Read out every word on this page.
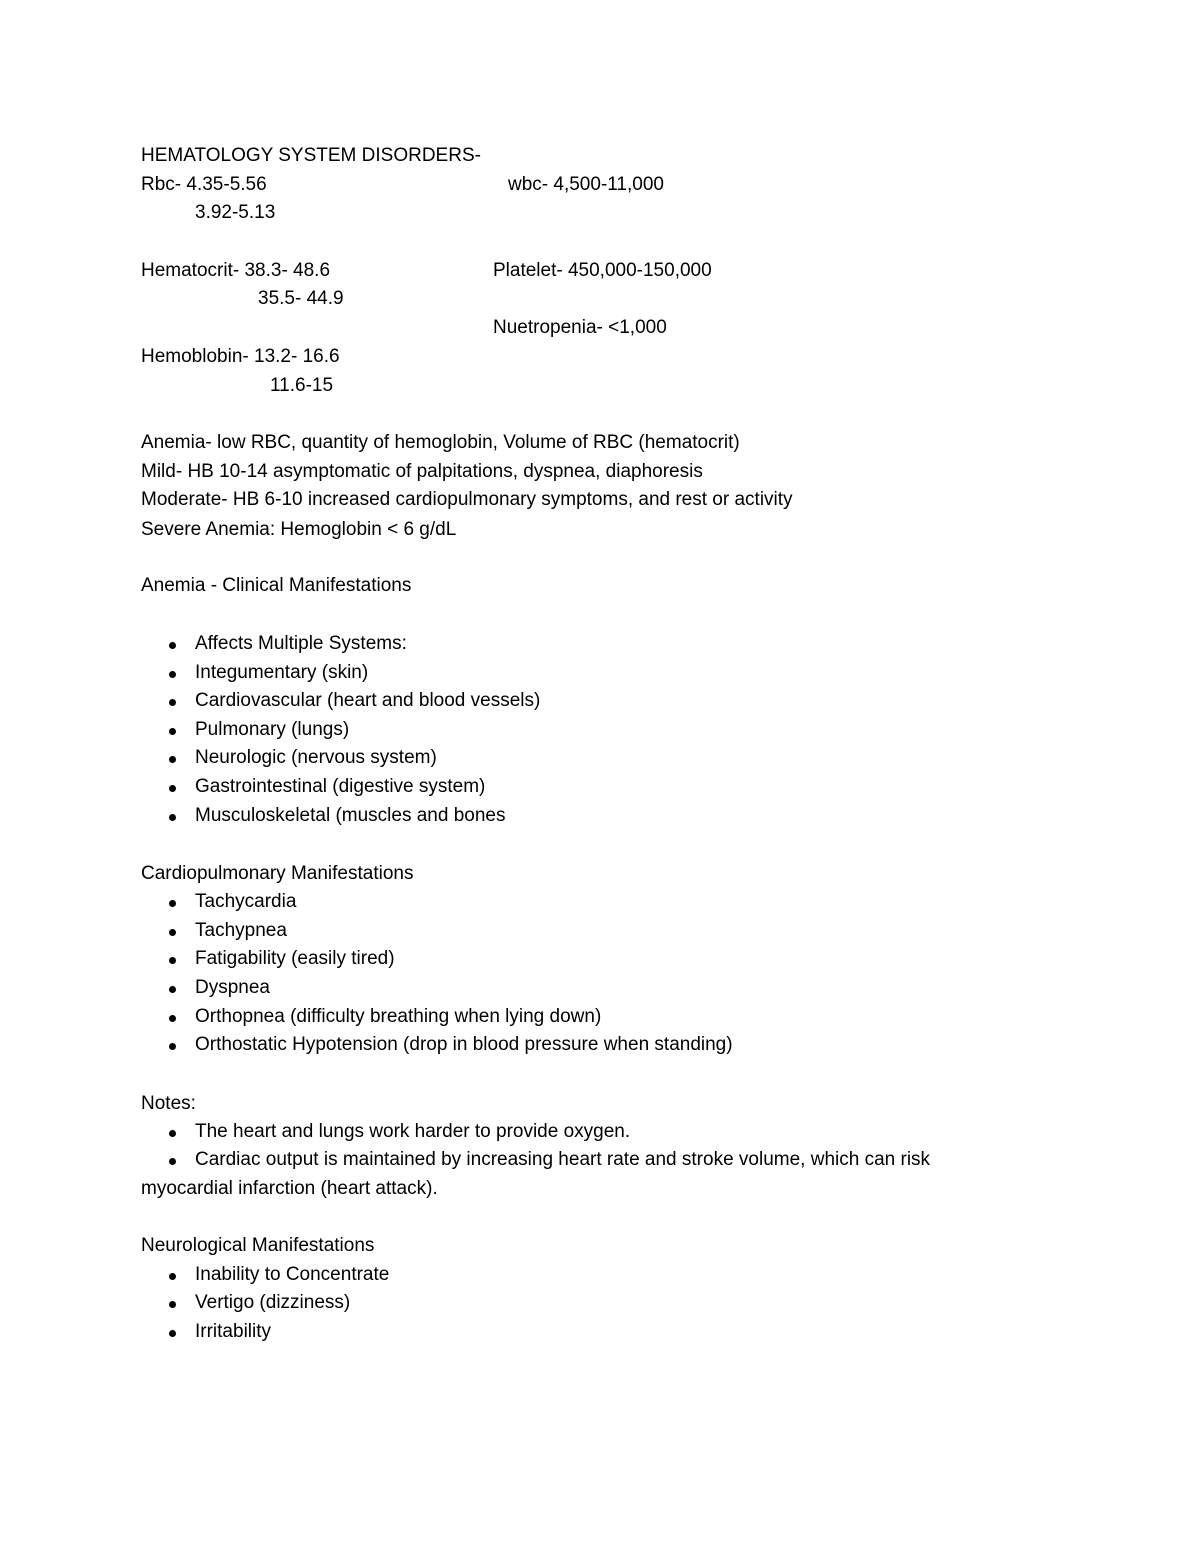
HEMATOLOGY SYSTEM DISORDERS-
Rbc- 4.35-5.56	wbc- 4,500-11,000
3.92-5.13
Hematocrit- 38.3- 48.6	Platelet- 450,000-150,000
35.5- 44.9
Nuetropenia- <1,000
Hemoblobin- 13.2- 16.6
11.6-15
Anemia- low RBC, quantity of hemoglobin, Volume of RBC (hematocrit)
Mild- HB 10-14 asymptomatic of palpitations, dyspnea, diaphoresis
Moderate- HB 6-10 increased cardiopulmonary symptoms, and rest or activity
Severe Anemia: Hemoglobin < 6 g/dL
Anemia - Clinical Manifestations
Affects Multiple Systems:
Integumentary (skin)
Cardiovascular (heart and blood vessels)
Pulmonary (lungs)
Neurologic (nervous system)
Gastrointestinal (digestive system)
Musculoskeletal (muscles and bones
Cardiopulmonary Manifestations
Tachycardia
Tachypnea
Fatigability (easily tired)
Dyspnea
Orthopnea (difficulty breathing when lying down)
Orthostatic Hypotension (drop in blood pressure when standing)
Notes:
The heart and lungs work harder to provide oxygen.
Cardiac output is maintained by increasing heart rate and stroke volume, which can risk
myocardial infarction (heart attack).
Neurological Manifestations
Inability to Concentrate
Vertigo (dizziness)
Irritability
